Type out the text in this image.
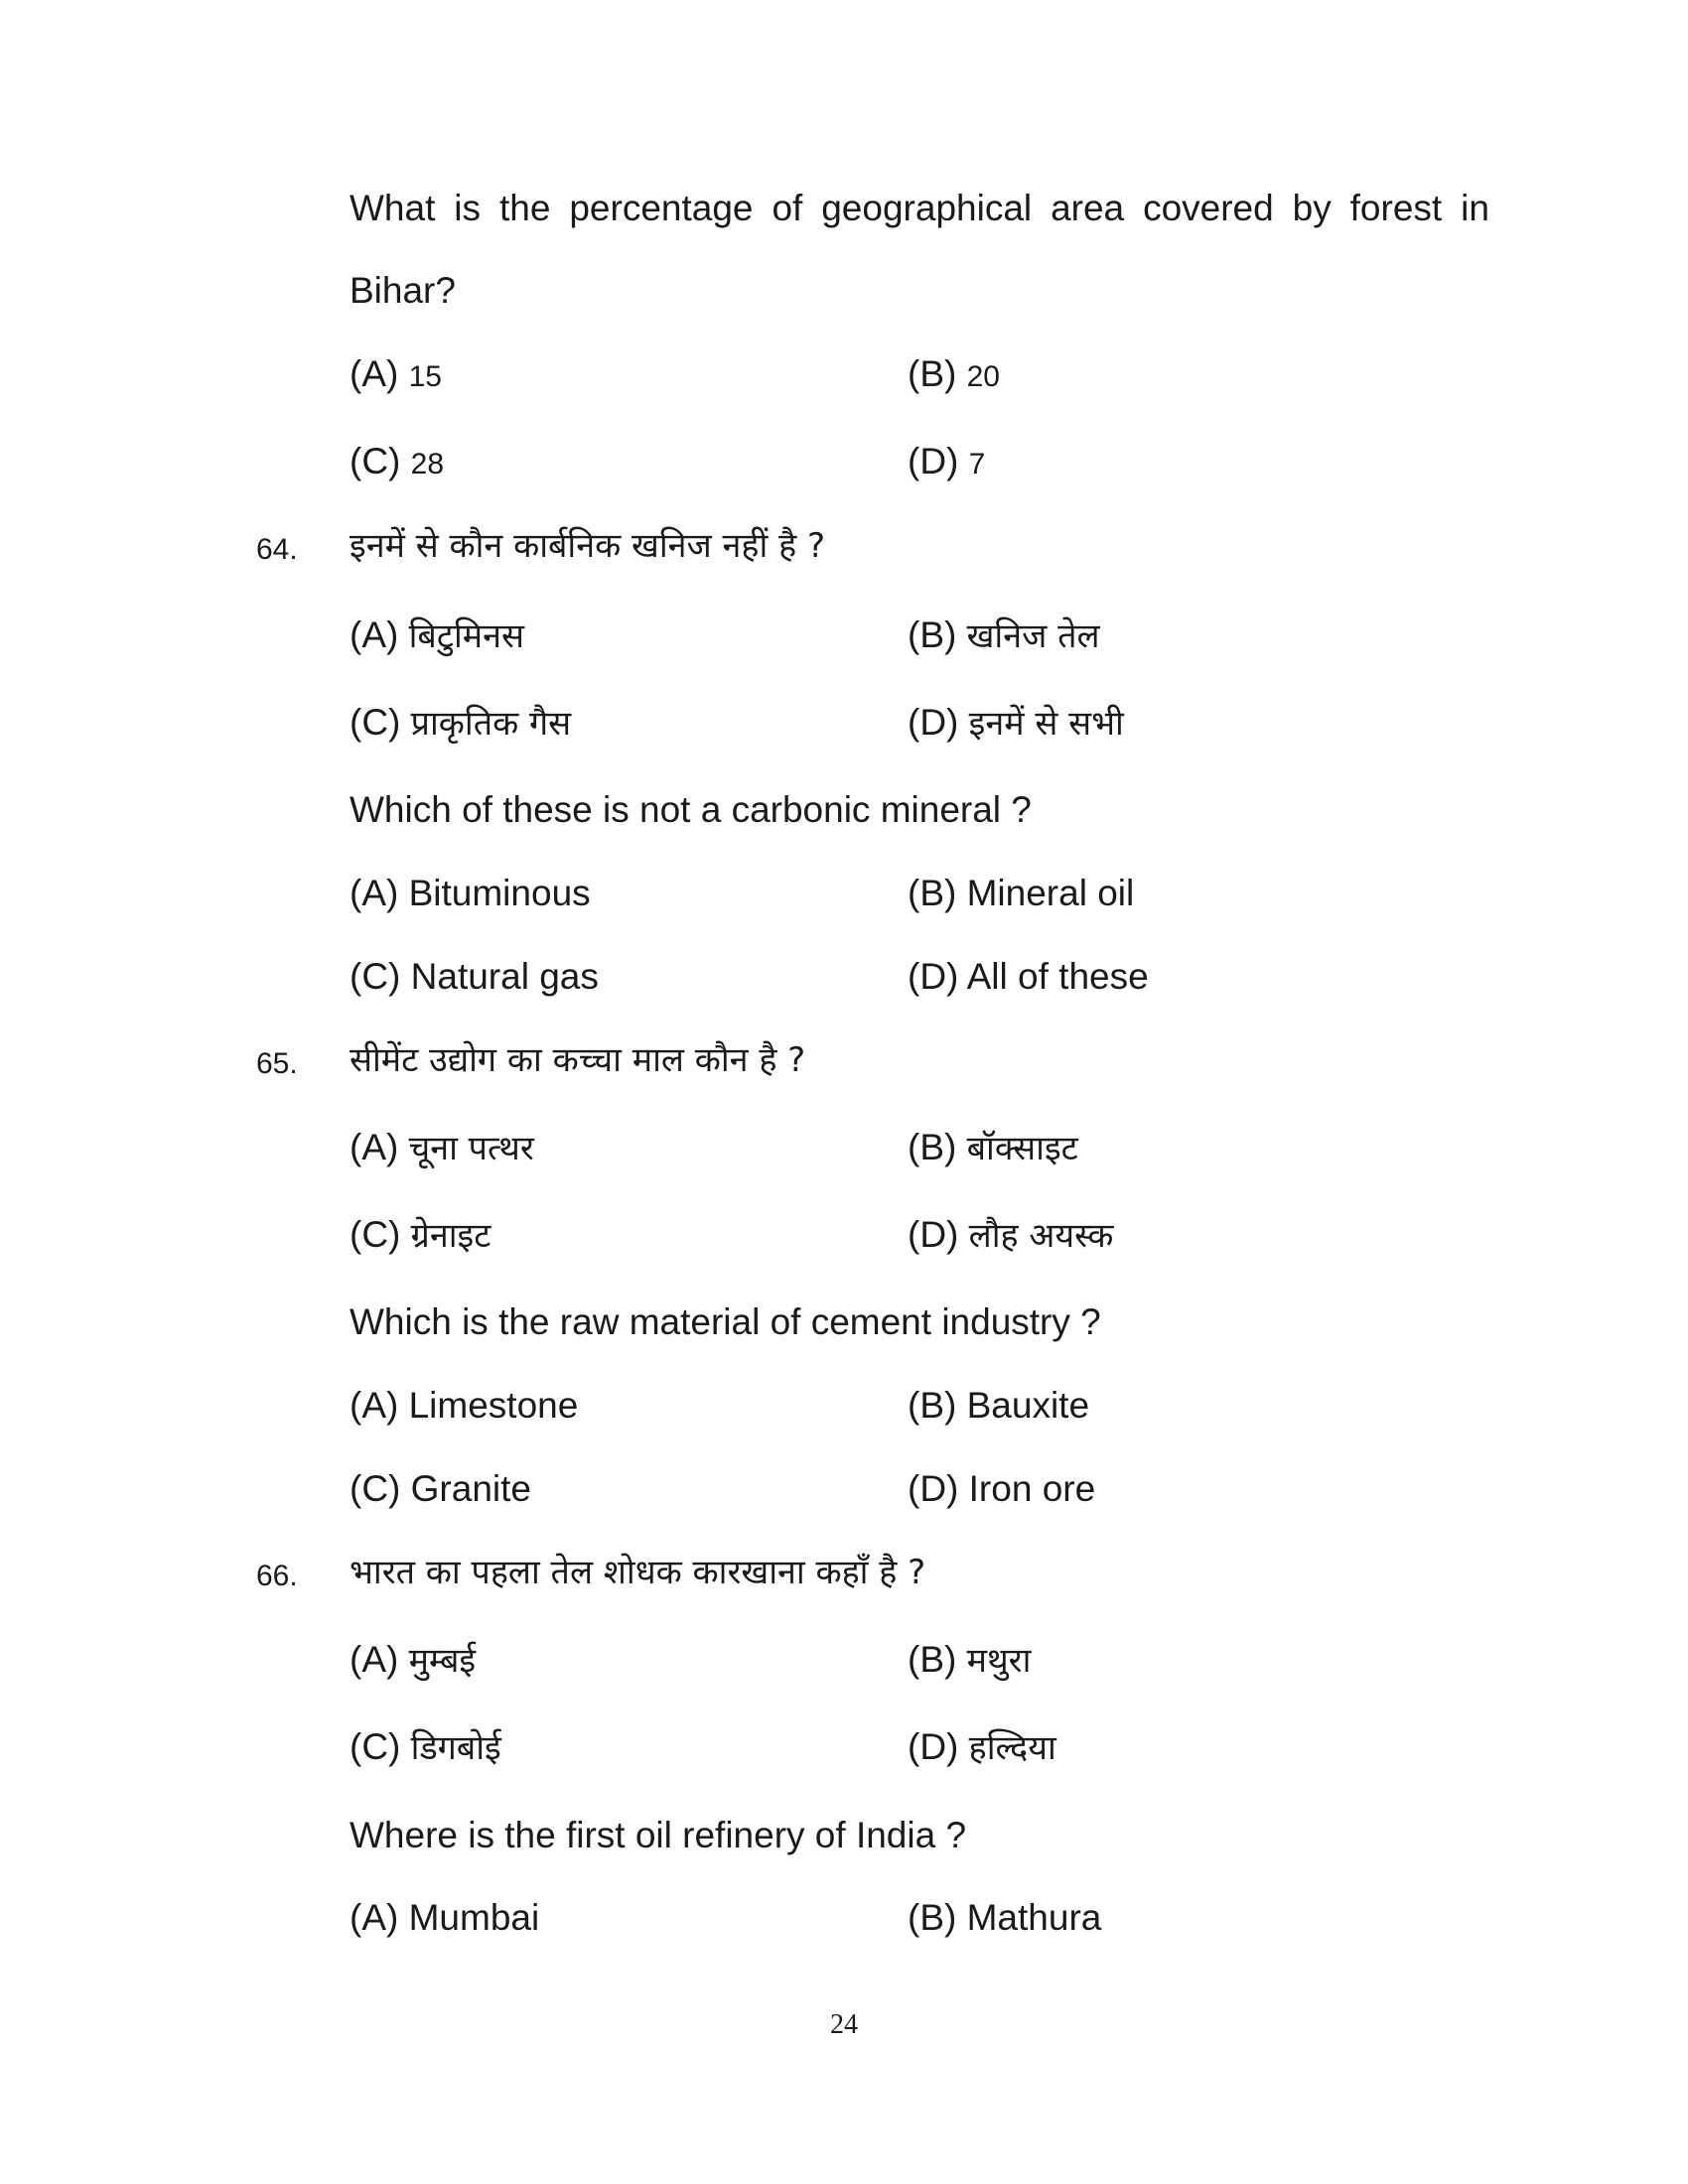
What is the percentage of geographical area covered by forest in
Bihar?
(A) 15	(B) 20
(C) 28	(D) 7
64. इनमें से कौन कार्बनिक खनिज नहीं है ?
(A) बिटुमिनस	(B) खनिज तेल
(C) प्राकृतिक गैस	(D) इनमें से सभी
Which of these is not a carbonic mineral ?
(A) Bituminous	(B) Mineral oil
(C) Natural gas	(D) All of these
65. सीमेंट उद्योग का कच्चा माल कौन है ?
(A) चूना पत्थर	(B) बॉक्साइट
(C) ग्रेनाइट	(D) लौह अयस्क
Which is the raw material of cement industry ?
(A) Limestone	(B) Bauxite
(C) Granite	(D) Iron ore
66. भारत का पहला तेल शोधक कारखाना कहाँ है ?
(A) मुम्बई	(B) मथुरा
(C) डिगबोई	(D) हल्दिया
Where is the first oil refinery of India ?
(A) Mumbai	(B) Mathura
24
